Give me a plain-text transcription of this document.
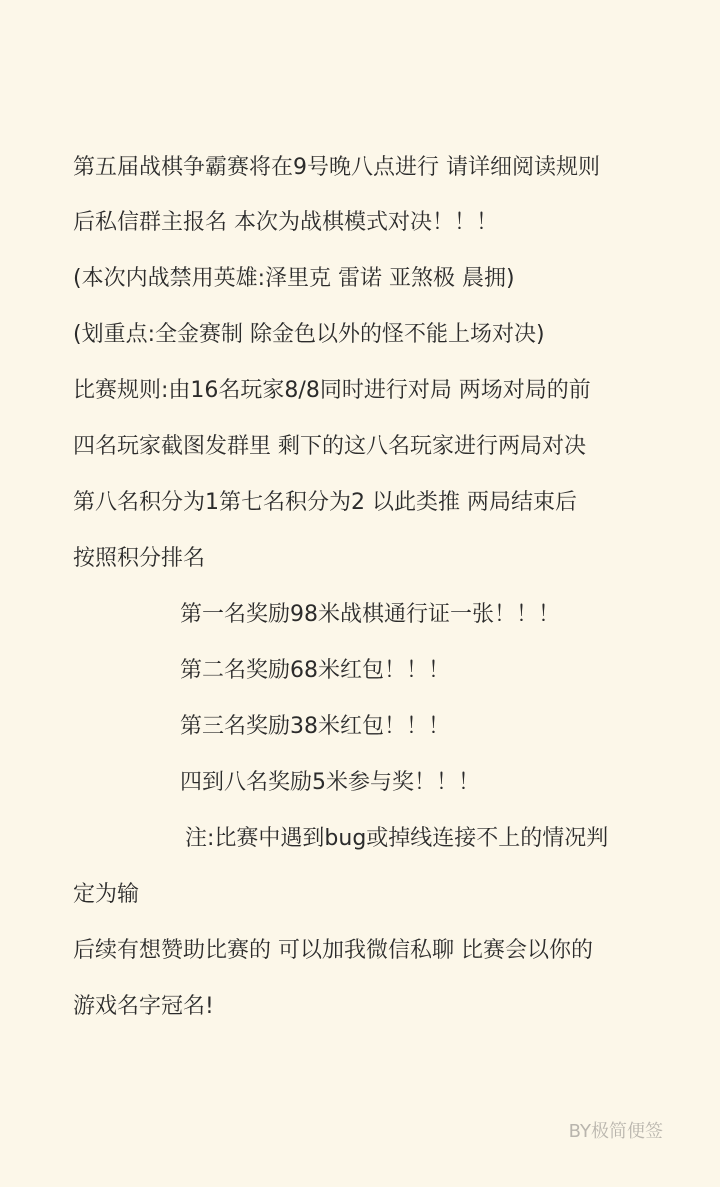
第五届战棋争霸赛将在9号晚八点进行 请详细阅读规则
后私信群主报名 本次为战棋模式对决！！！
(本次内战禁用英雄:泽里克 雷诺 亚煞极 晨拥)
(划重点:全金赛制 除金色以外的怪不能上场对决)
比赛规则:由16名玩家8/8同时进行对局 两场对局的前
四名玩家截图发群里 剩下的这八名玩家进行两局对决
第八名积分为1第七名积分为2 以此类推 两局结束后
按照积分排名
第一名奖励98米战棋通行证一张！！！
第二名奖励68米红包！！！
第三名奖励38米红包！！！
四到八名奖励5米参与奖！！！
注:比赛中遇到bug或掉线连接不上的情况判
定为输
后续有想赞助比赛的 可以加我微信私聊 比赛会以你的
游戏名字冠名!
BY极简便签
